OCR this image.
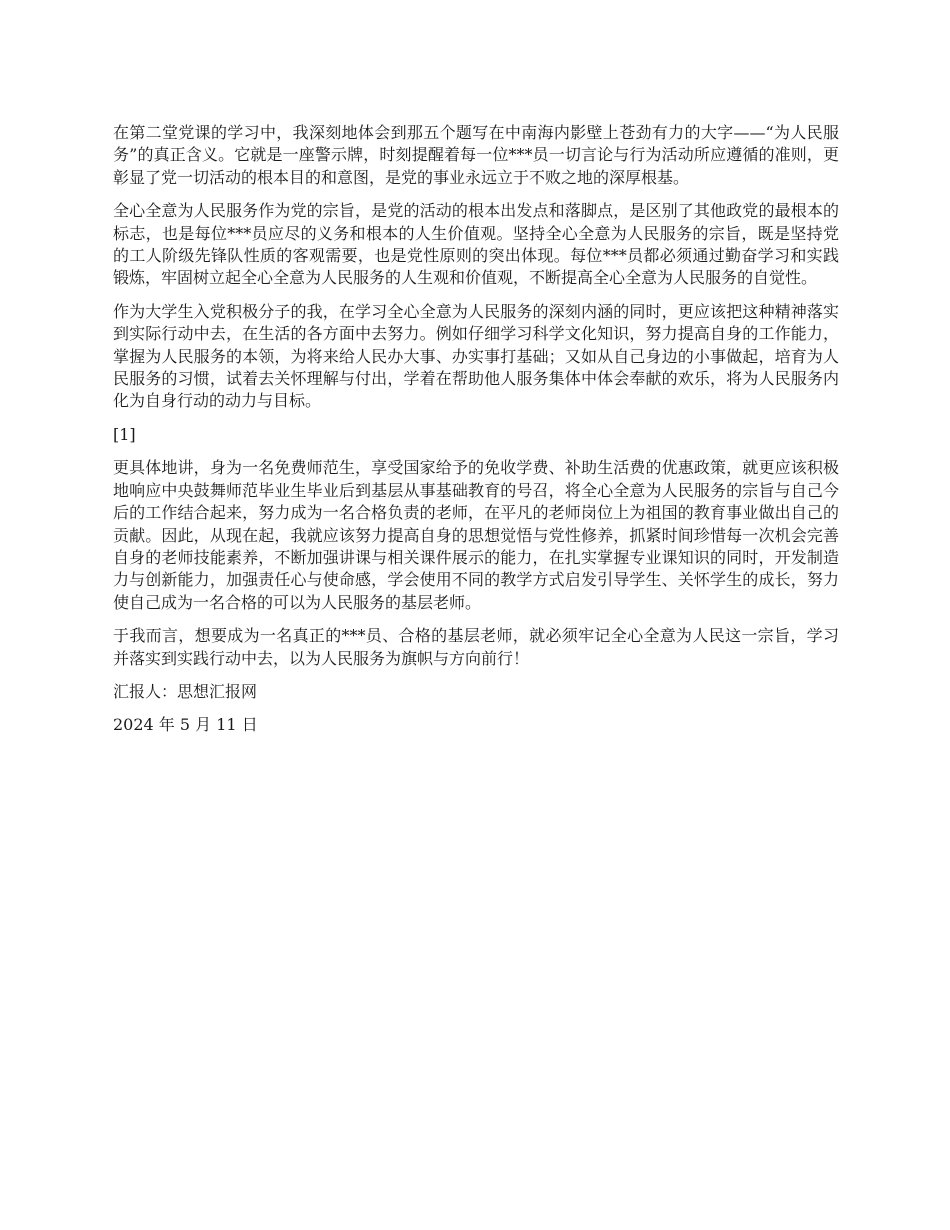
在第二堂党课的学习中，我深刻地体会到那五个题写在中南海内影壁上苍劲有力的大字——“为人民服务”的真正含义。它就是一座警示牌，时刻提醒着每一位***员一切言论与行为活动所应遵循的准则，更彰显了党一切活动的根本目的和意图，是党的事业永远立于不败之地的深厚根基。

全心全意为人民服务作为党的宗旨，是党的活动的根本出发点和落脚点，是区别了其他政党的最根本的标志，也是每位***员应尽的义务和根本的人生价值观。坚持全心全意为人民服务的宗旨，既是坚持党的工人阶级先锋队性质的客观需要，也是党性原则的突出体现。每位***员都必须通过勤奋学习和实践锻炼，牢固树立起全心全意为人民服务的人生观和价值观，不断提高全心全意为人民服务的自觉性。

作为大学生入党积极分子的我，在学习全心全意为人民服务的深刻内涵的同时，更应该把这种精神落实到实际行动中去，在生活的各方面中去努力。例如仔细学习科学文化知识，努力提高自身的工作能力，掌握为人民服务的本领，为将来给人民办大事、办实事打基础；又如从自己身边的小事做起，培育为人民服务的习惯，试着去关怀理解与付出，学着在帮助他人服务集体中体会奉献的欢乐，将为人民服务内化为自身行动的动力与目标。

[1]

更具体地讲，身为一名免费师范生，享受国家给予的免收学费、补助生活费的优惠政策，就更应该积极地响应中央鼓舞师范毕业生毕业后到基层从事基础教育的号召，将全心全意为人民服务的宗旨与自己今后的工作结合起来，努力成为一名合格负责的老师，在平凡的老师岗位上为祖国的教育事业做出自己的贡献。因此，从现在起，我就应该努力提高自身的思想觉悟与党性修养，抓紧时间珍惜每一次机会完善自身的老师技能素养，不断加强讲课与相关课件展示的能力，在扎实掌握专业课知识的同时，开发制造力与创新能力，加强责任心与使命感，学会使用不同的教学方式启发引导学生、关怀学生的成长，努力使自己成为一名合格的可以为人民服务的基层老师。

于我而言，想要成为一名真正的***员、合格的基层老师，就必须牢记全心全意为人民这一宗旨，学习并落实到实践行动中去，以为人民服务为旗帜与方向前行！

汇报人：思想汇报网

2024 年 5 月 11 日
